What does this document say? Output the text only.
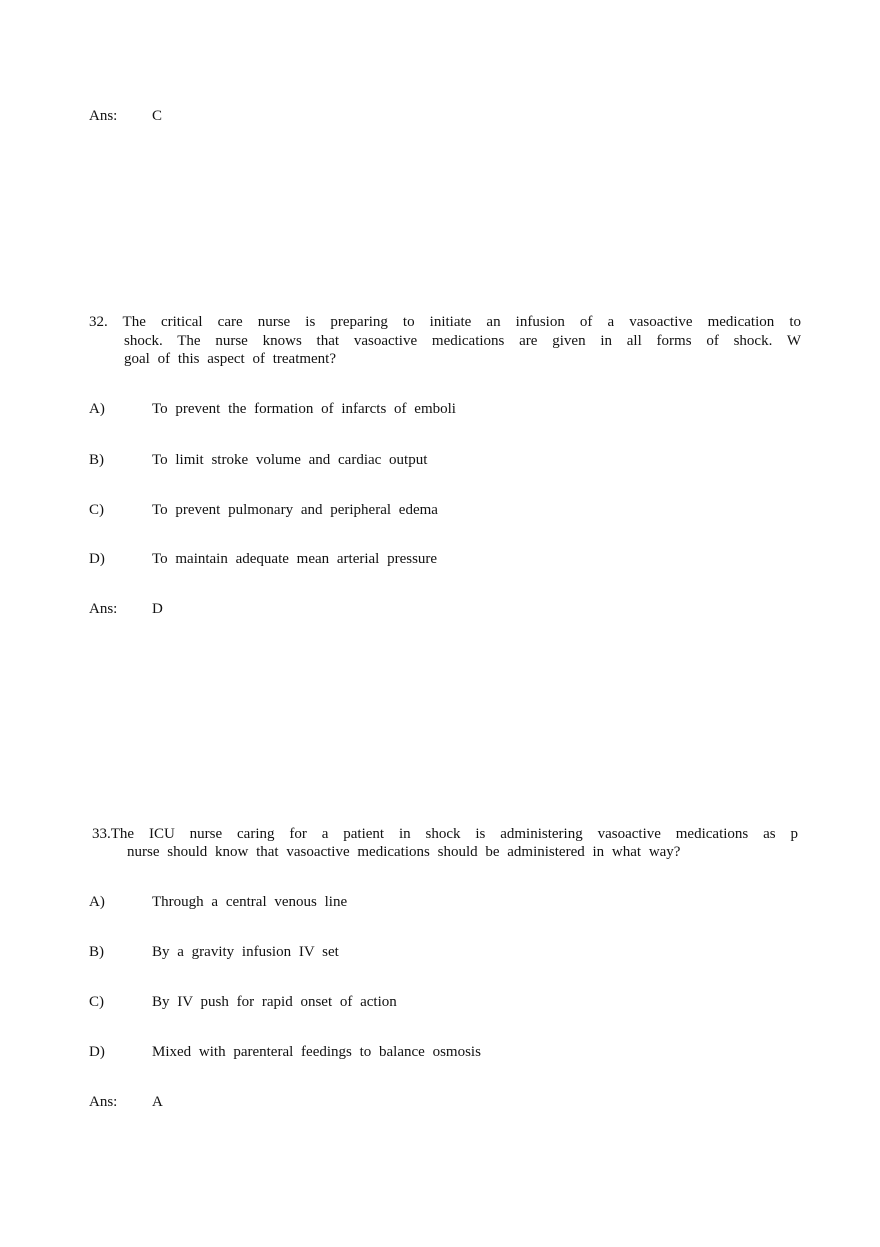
Ans: C
32. The critical care nurse is preparing to initiate an infusion of a vasoactive medication to
shock. The nurse knows that vasoactive medications are given in all forms of shock. W
goal of this aspect of treatment?
A)	To prevent the formation of infarcts of emboli
B)	To limit stroke volume and cardiac output
C)	To prevent pulmonary and peripheral edema
D)	To maintain adequate mean arterial pressure
Ans: D
33.The ICU nurse caring for a patient in shock is administering vasoactive medications as p
nurse should know that vasoactive medications should be administered in what way?
A)	Through a central venous line
B)	By a gravity infusion IV set
C)	By IV push for rapid onset of action
D)	Mixed with parenteral feedings to balance osmosis
Ans: A
